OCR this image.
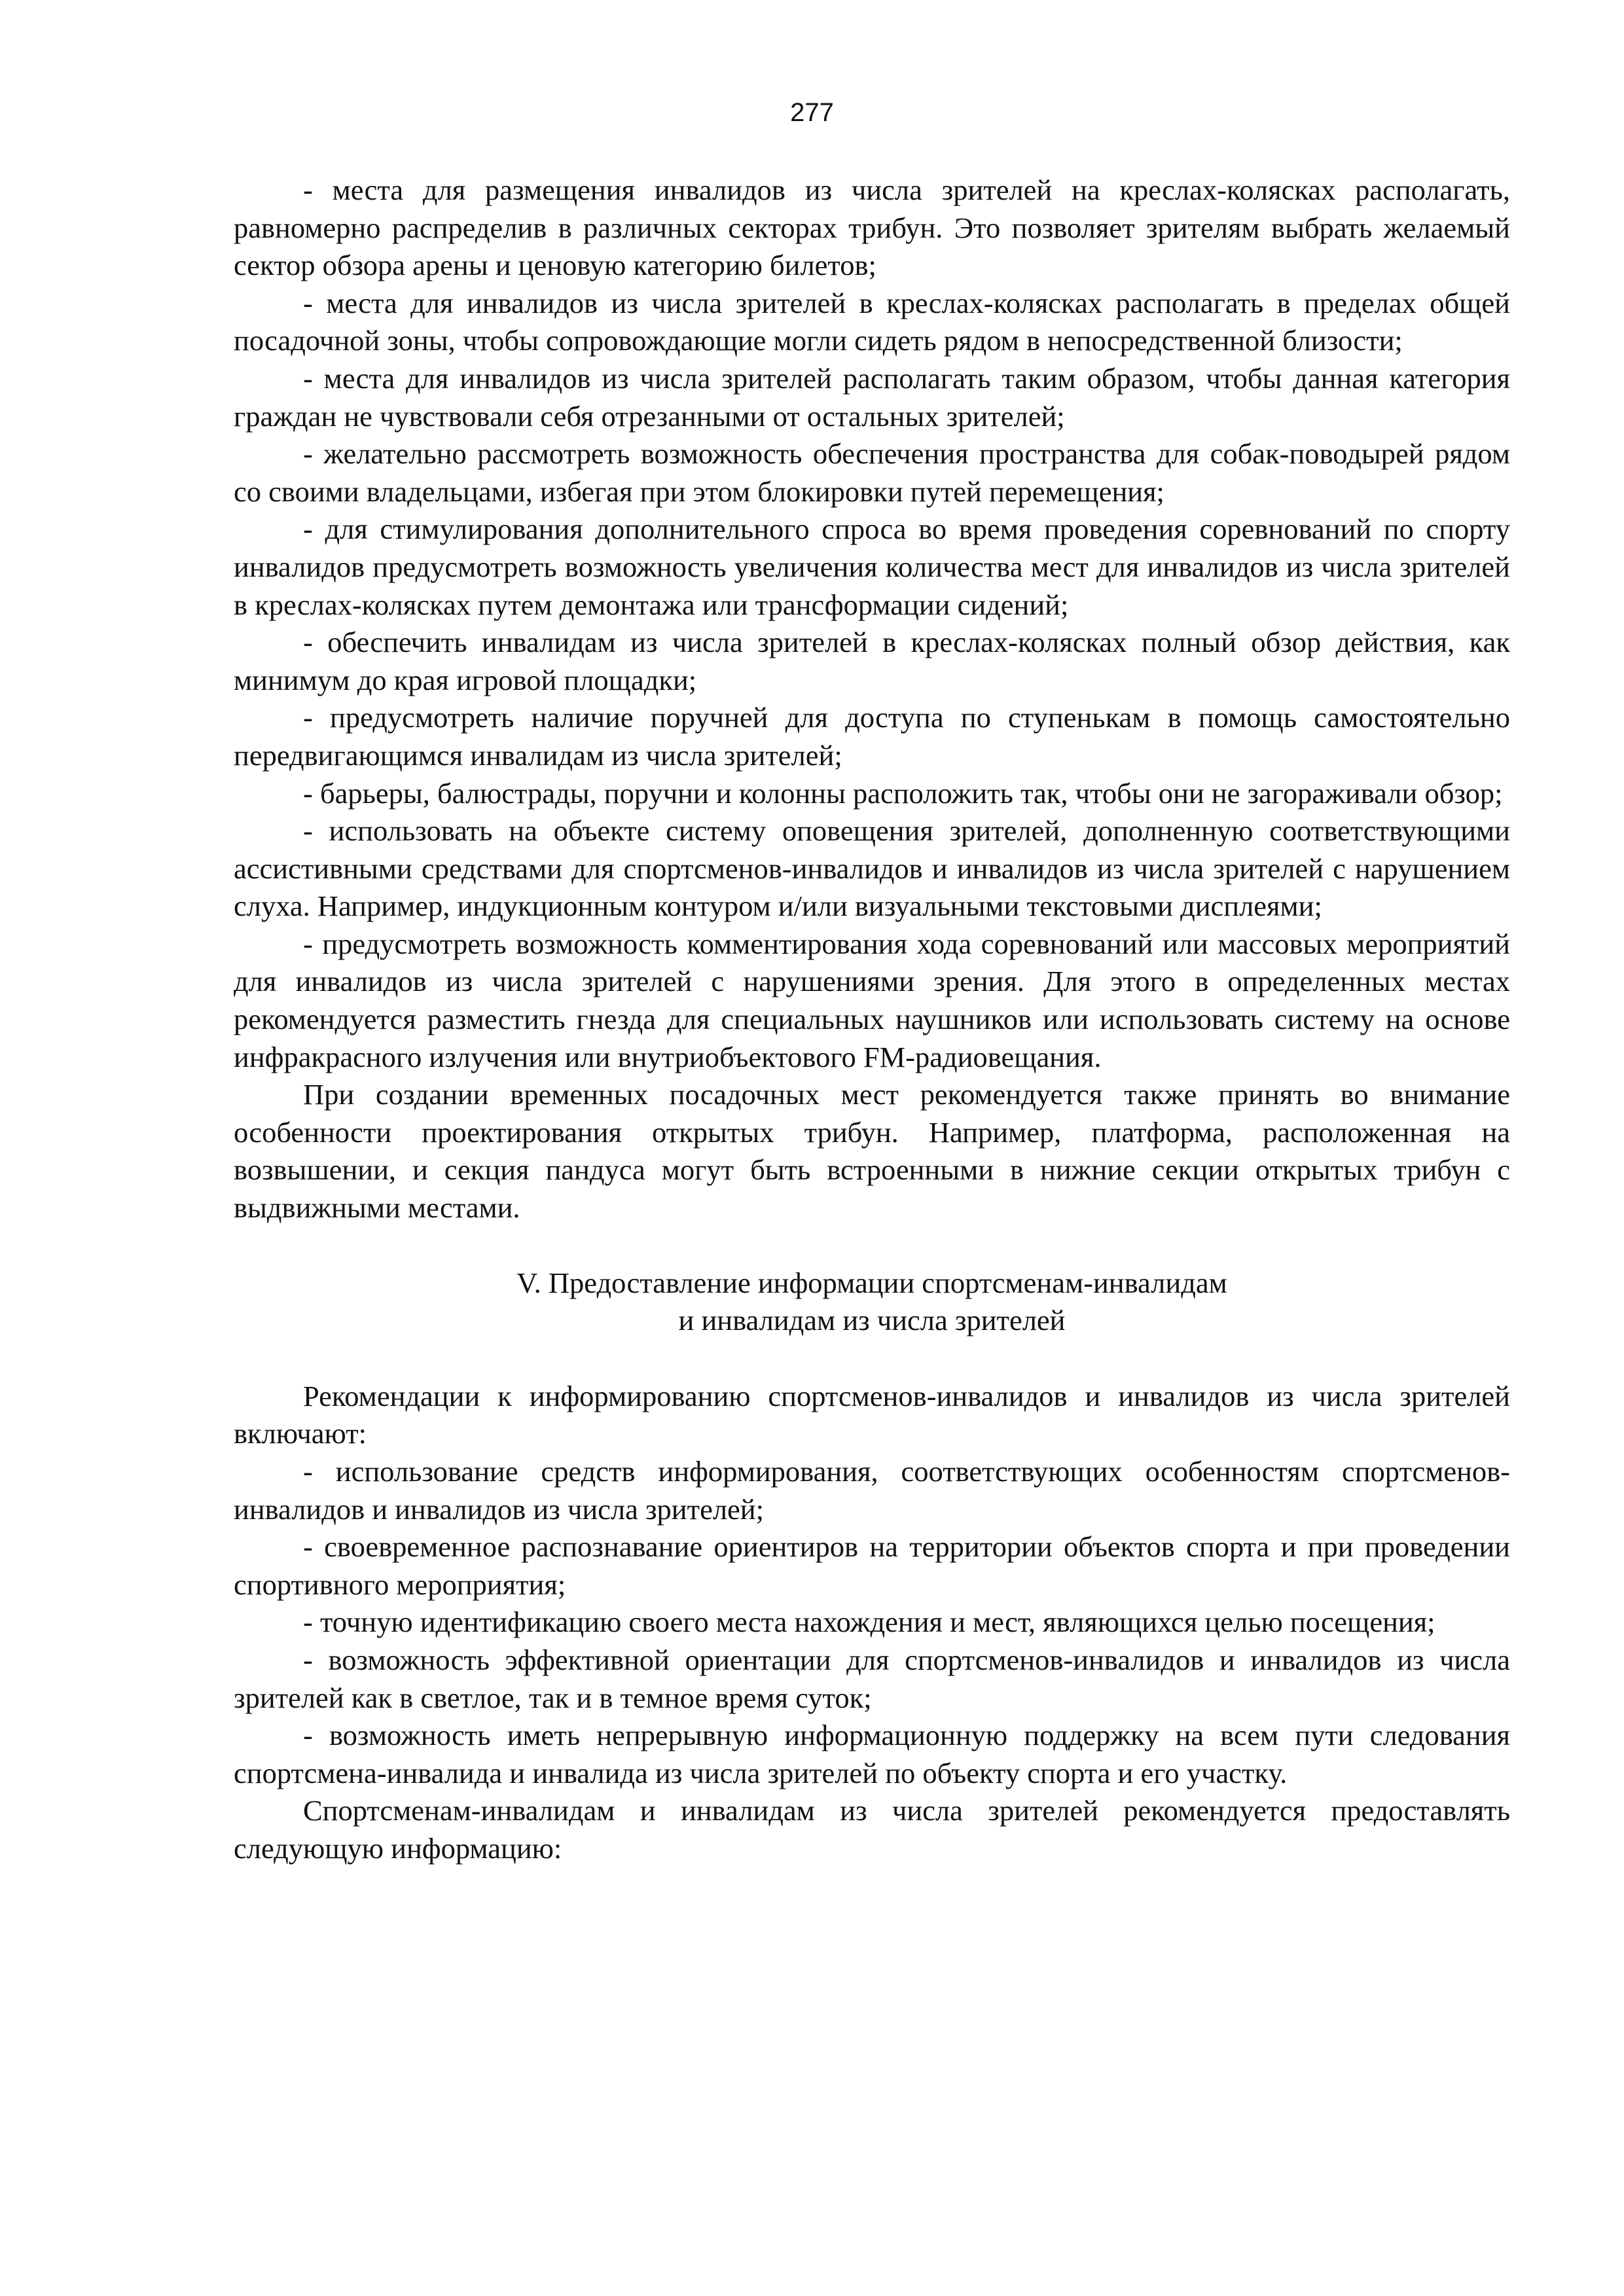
277

- места для размещения инвалидов из числа зрителей на креслах-колясках располагать, равномерно распределив в различных секторах трибун. Это позволяет зрителям выбрать желаемый сектор обзора арены и ценовую категорию билетов;

- места для инвалидов из числа зрителей в креслах-колясках располагать в пределах общей посадочной зоны, чтобы сопровождающие могли сидеть рядом в непосредственной близости;

- места для инвалидов из числа зрителей располагать таким образом, чтобы данная категория граждан не чувствовали себя отрезанными от остальных зрителей;

- желательно рассмотреть возможность обеспечения пространства для собак-поводырей рядом со своими владельцами, избегая при этом блокировки путей перемещения;

- для стимулирования дополнительного спроса во время проведения соревнований по спорту инвалидов предусмотреть возможность увеличения количества мест для инвалидов из числа зрителей в креслах-колясках путем демонтажа или трансформации сидений;

- обеспечить инвалидам из числа зрителей в креслах-колясках полный обзор действия, как минимум до края игровой площадки;

- предусмотреть наличие поручней для доступа по ступенькам в помощь самостоятельно передвигающимся инвалидам из числа зрителей;

- барьеры, балюстрады, поручни и колонны расположить так, чтобы они не загораживали обзор;

- использовать на объекте систему оповещения зрителей, дополненную соответствующими ассистивными средствами для спортсменов-инвалидов и инвалидов из числа зрителей с нарушением слуха. Например, индукционным контуром и/или визуальными текстовыми дисплеями;

- предусмотреть возможность комментирования хода соревнований или массовых мероприятий для инвалидов из числа зрителей с нарушениями зрения. Для этого в определенных местах рекомендуется разместить гнезда для специальных наушников или использовать систему на основе инфракрасного излучения или внутриобъектового FM-радиовещания.

При создании временных посадочных мест рекомендуется также принять во внимание особенности проектирования открытых трибун. Например, платформа, расположенная на возвышении, и секция пандуса могут быть встроенными в нижние секции открытых трибун с выдвижными местами.

V. Предоставление информации спортсменам-инвалидам
и инвалидам из числа зрителей

Рекомендации к информированию спортсменов-инвалидов и инвалидов из числа зрителей включают:

- использование средств информирования, соответствующих особенностям спортсменов-инвалидов и инвалидов из числа зрителей;

- своевременное распознавание ориентиров на территории объектов спорта и при проведении спортивного мероприятия;

- точную идентификацию своего места нахождения и мест, являющихся целью посещения;

- возможность эффективной ориентации для спортсменов-инвалидов и инвалидов из числа зрителей как в светлое, так и в темное время суток;

- возможность иметь непрерывную информационную поддержку на всем пути следования спортсмена-инвалида и инвалида из числа зрителей по объекту спорта и его участку.

Спортсменам-инвалидам и инвалидам из числа зрителей рекомендуется предоставлять следующую информацию:
